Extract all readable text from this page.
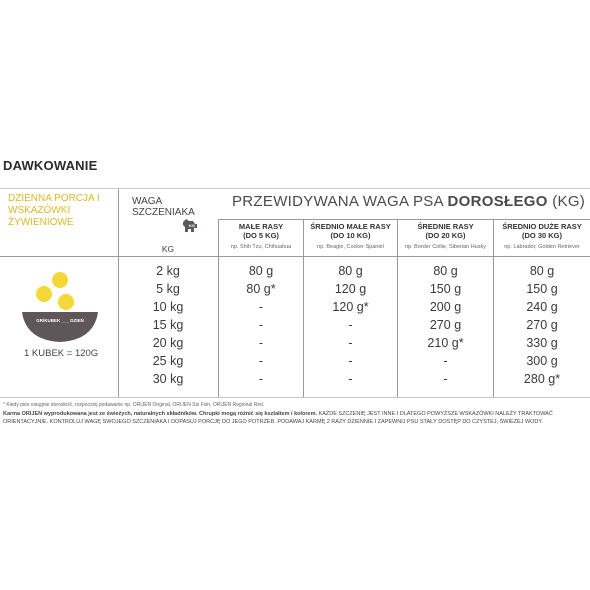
DAWKOWANIE
DZIENNA PORCJA I WSKAZÓWKI ŻYWIENIOWE
GR/KUBEK ___ DZIEŃ
1 KUBEK = 120G
WAGA SZCZENIAKA
KG
KG
PRZEWIDYWANA WAGA PSA DOROSŁEGO (KG)
MAŁE RASY
(DO 5 KG)
np. Shih Tzu, Chihuahua
ŚREDNIO MAŁE RASY
(DO 10 KG)
np. Beagle, Cocker Spaniel
ŚREDNIE RASY
(DO 20 KG)
np. Border Collie, Siberian Husky
ŚREDNIO DUŻE RASY
(DO 30 KG)
np. Labrador, Golden Retriever
2 kg	80 g	80 g	80 g	80 g
5 kg	80 g*	120 g	150 g	150 g
10 kg	-	120 g*	200 g	240 g
15 kg	-	-	270 g	270 g
20 kg	-	-	210 g*	330 g
25 kg	-	-	-	300 g
30 kg	-	-	-	280 g*
* Kiedy pies osiągnie dorosłość, rozpocznij podawanie np. ORIJEN Original, ORIJEN Six Fish, ORIJEN Regional Red.
Karma ORIJEN wyprodukowana jest ze świeżych, naturalnych składników. Chrupki mogą różnić się kształtem i kolorem. KAŻDE SZCZENIĘ JEST INNE I DLATEGO POWYŻSZE WSKAZÓWKI NALEŻY TRAKTOWAĆ ORIENTACYJNIE. KONTROLUJ WAGĘ SWOJEGO SZCZENIAKA I DOPASUJ PORCJĘ DO JEGO POTRZEB. PODAWAJ KARMĘ 2 RAZY DZIENNIE I ZAPEWNIJ PSU STAŁY DOSTĘP DO CZYSTEJ, ŚWIEŻEJ WODY.
